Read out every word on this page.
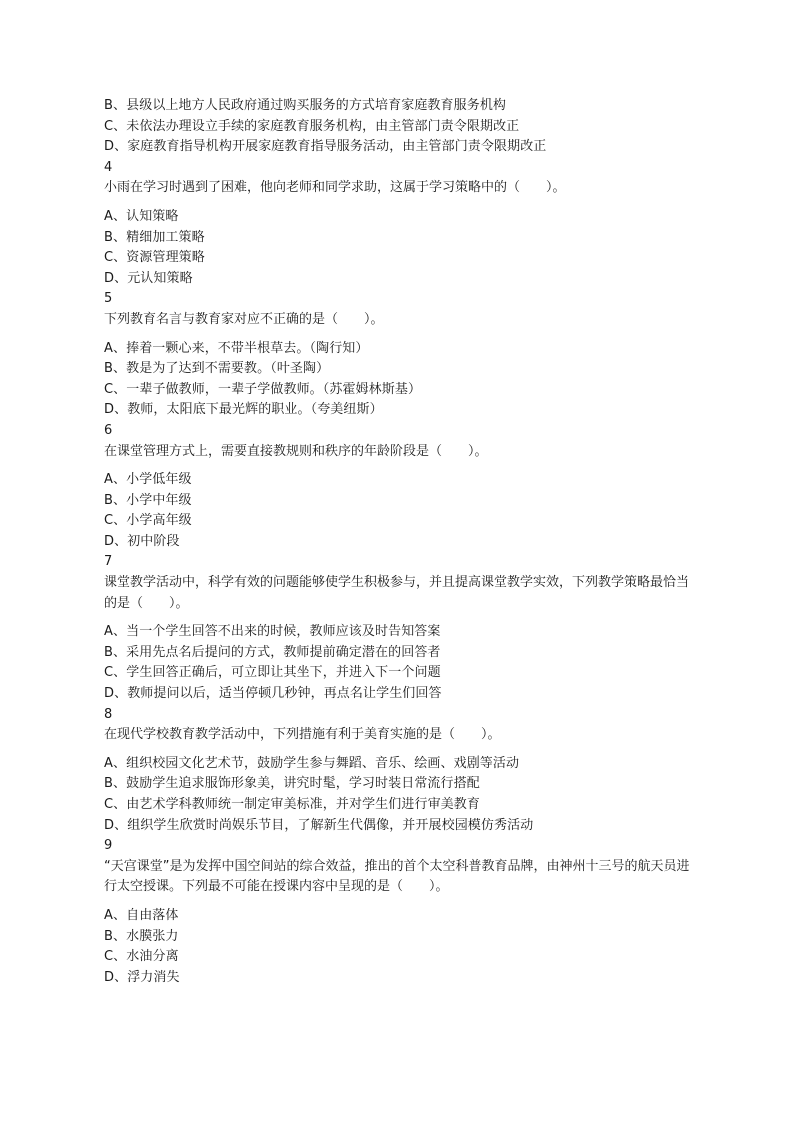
B、县级以上地方人民政府通过购买服务的方式培育家庭教育服务机构
C、未依法办理设立手续的家庭教育服务机构，由主管部门责令限期改正
D、家庭教育指导机构开展家庭教育指导服务活动，由主管部门责令限期改正
4
小雨在学习时遇到了困难，他向老师和同学求助，这属于学习策略中的（　　）。
A、认知策略
B、精细加工策略
C、资源管理策略
D、元认知策略
5
下列教育名言与教育家对应不正确的是（　　）。
A、捧着一颗心来，不带半根草去。（陶行知）
B、教是为了达到不需要教。（叶圣陶）
C、一辈子做教师，一辈子学做教师。（苏霍姆林斯基）
D、教师，太阳底下最光辉的职业。（夸美纽斯）
6
在课堂管理方式上，需要直接教规则和秩序的年龄阶段是（　　）。
A、小学低年级
B、小学中年级
C、小学高年级
D、初中阶段
7
课堂教学活动中，科学有效的问题能够使学生积极参与，并且提高课堂教学实效，下列教学策略最恰当的是（　　）。
A、当一个学生回答不出来的时候，教师应该及时告知答案
B、采用先点名后提问的方式，教师提前确定潜在的回答者
C、学生回答正确后，可立即让其坐下，并进入下一个问题
D、教师提问以后，适当停顿几秒钟，再点名让学生们回答
8
在现代学校教育教学活动中，下列措施有利于美育实施的是（　　）。
A、组织校园文化艺术节，鼓励学生参与舞蹈、音乐、绘画、戏剧等活动
B、鼓励学生追求服饰形象美，讲究时髦，学习时装日常流行搭配
C、由艺术学科教师统一制定审美标准，并对学生们进行审美教育
D、组织学生欣赏时尚娱乐节目，了解新生代偶像，并开展校园模仿秀活动
9
“天宫课堂”是为发挥中国空间站的综合效益，推出的首个太空科普教育品牌，由神州十三号的航天员进行太空授课。下列最不可能在授课内容中呈现的是（　　）。
A、自由落体
B、水膜张力
C、水油分离
D、浮力消失
